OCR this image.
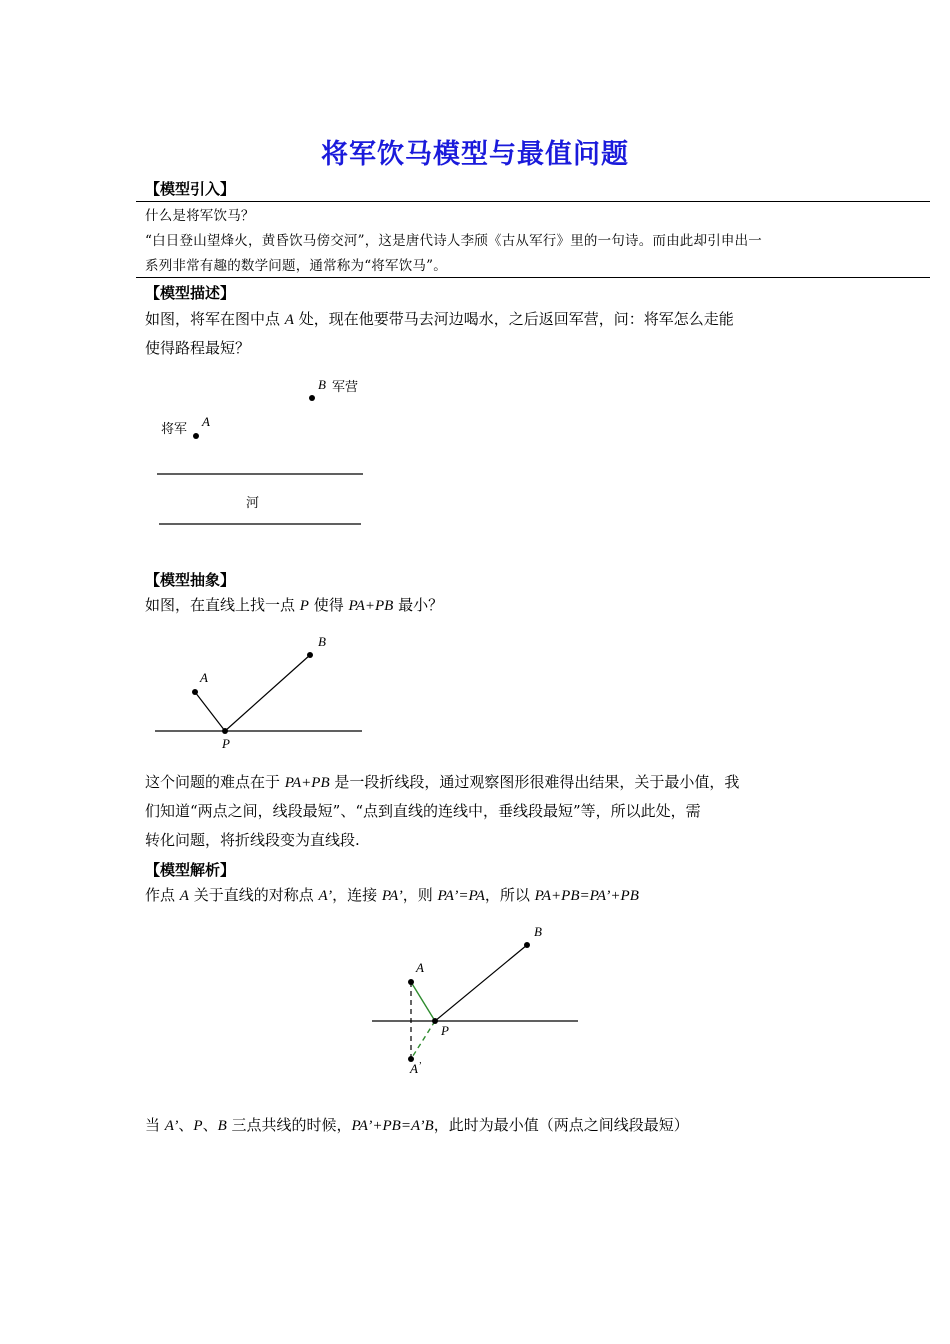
将军饮马模型与最值问题
【模型引入】
什么是将军饮马？
“白日登山望烽火，黄昏饮马傍交河”，这是唐代诗人李颀《古从军行》里的一句诗。而由此却引申出一
系列非常有趣的数学问题，通常称为“将军饮马”。
【模型描述】
如图，将军在图中点 A 处，现在他要带马去河边喝水，之后返回军营，问：将军怎么走能
使得路程最短？
B 军营
将军
A
河
【模型抽象】
如图，在直线上找一点 P 使得 PA+PB 最小？
B
A
P
这个问题的难点在于 PA+PB 是一段折线段，通过观察图形很难得出结果，关于最小值，我
们知道“两点之间，线段最短”、“点到直线的连线中，垂线段最短”等，所以此处，需
转化问题，将折线段变为直线段.
【模型解析】
作点 A 关于直线的对称点 A’，连接 PA’，则 PA’=PA，所以 PA+PB=PA’+PB
B
A
P
A’
当 A’、P、B 三点共线的时候，PA’+PB=A’B，此时为最小值（两点之间线段最短）
